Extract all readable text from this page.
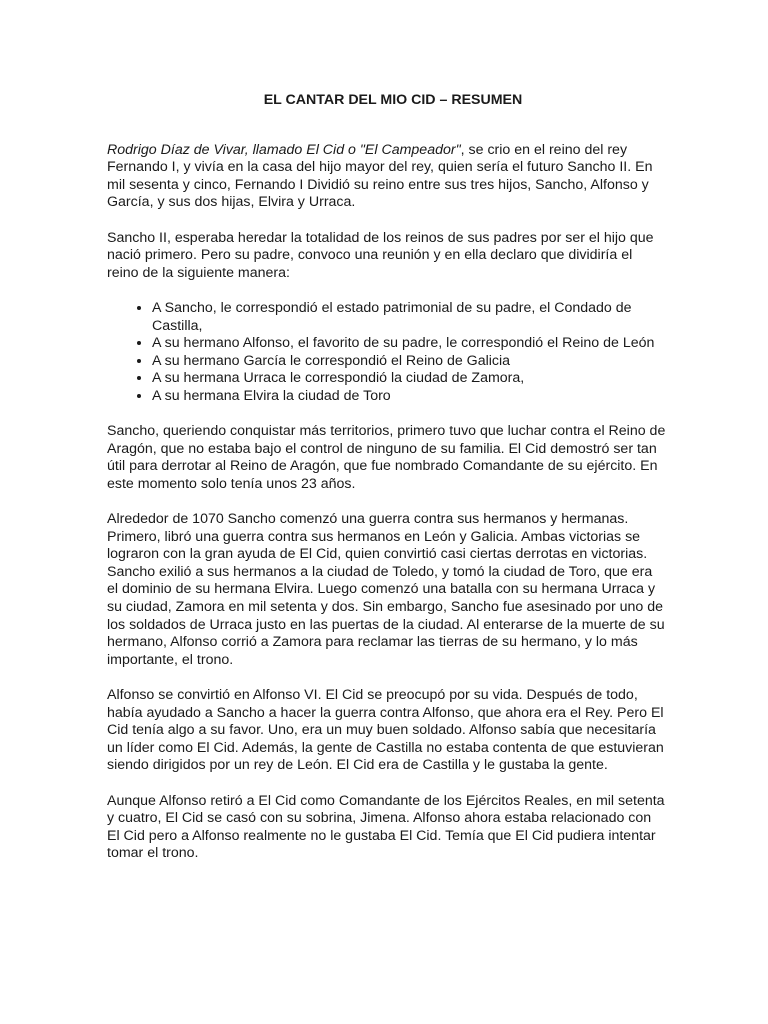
EL CANTAR DEL MIO CID – RESUMEN

Rodrigo Díaz de Vivar, llamado El Cid o "El Campeador", se crio en el reino del rey Fernando I, y vivía en la casa del hijo mayor del rey, quien sería el futuro Sancho II. En mil sesenta y cinco, Fernando I Dividió su reino entre sus tres hijos, Sancho, Alfonso y García, y sus dos hijas, Elvira y Urraca.

Sancho II, esperaba heredar la totalidad de los reinos de sus padres por ser el hijo que nació primero. Pero su padre, convoco una reunión y en ella declaro que dividiría el reino de la siguiente manera:

• A Sancho, le correspondió el estado patrimonial de su padre, el Condado de Castilla,
• A su hermano Alfonso, el favorito de su padre, le correspondió el Reino de León
• A su hermano García le correspondió el Reino de Galicia
• A su hermana Urraca le correspondió la ciudad de Zamora,
• A su hermana Elvira la ciudad de Toro

Sancho, queriendo conquistar más territorios, primero tuvo que luchar contra el Reino de Aragón, que no estaba bajo el control de ninguno de su familia. El Cid demostró ser tan útil para derrotar al Reino de Aragón, que fue nombrado Comandante de su ejército. En este momento solo tenía unos 23 años.

Alrededor de 1070 Sancho comenzó una guerra contra sus hermanos y hermanas. Primero, libró una guerra contra sus hermanos en León y Galicia. Ambas victorias se lograron con la gran ayuda de El Cid, quien convirtió casi ciertas derrotas en victorias. Sancho exilió a sus hermanos a la ciudad de Toledo, y tomó la ciudad de Toro, que era el dominio de su hermana Elvira. Luego comenzó una batalla con su hermana Urraca y su ciudad, Zamora en mil setenta y dos. Sin embargo, Sancho fue asesinado por uno de los soldados de Urraca justo en las puertas de la ciudad. Al enterarse de la muerte de su hermano, Alfonso corrió a Zamora para reclamar las tierras de su hermano, y lo más importante, el trono.

Alfonso se convirtió en Alfonso VI. El Cid se preocupó por su vida. Después de todo, había ayudado a Sancho a hacer la guerra contra Alfonso, que ahora era el Rey. Pero El Cid tenía algo a su favor. Uno, era un muy buen soldado. Alfonso sabía que necesitaría un líder como El Cid. Además, la gente de Castilla no estaba contenta de que estuvieran siendo dirigidos por un rey de León. El Cid era de Castilla y le gustaba la gente.

Aunque Alfonso retiró a El Cid como Comandante de los Ejércitos Reales, en mil setenta y cuatro, El Cid se casó con su sobrina, Jimena. Alfonso ahora estaba relacionado con El Cid pero a Alfonso realmente no le gustaba El Cid. Temía que El Cid pudiera intentar tomar el trono.
